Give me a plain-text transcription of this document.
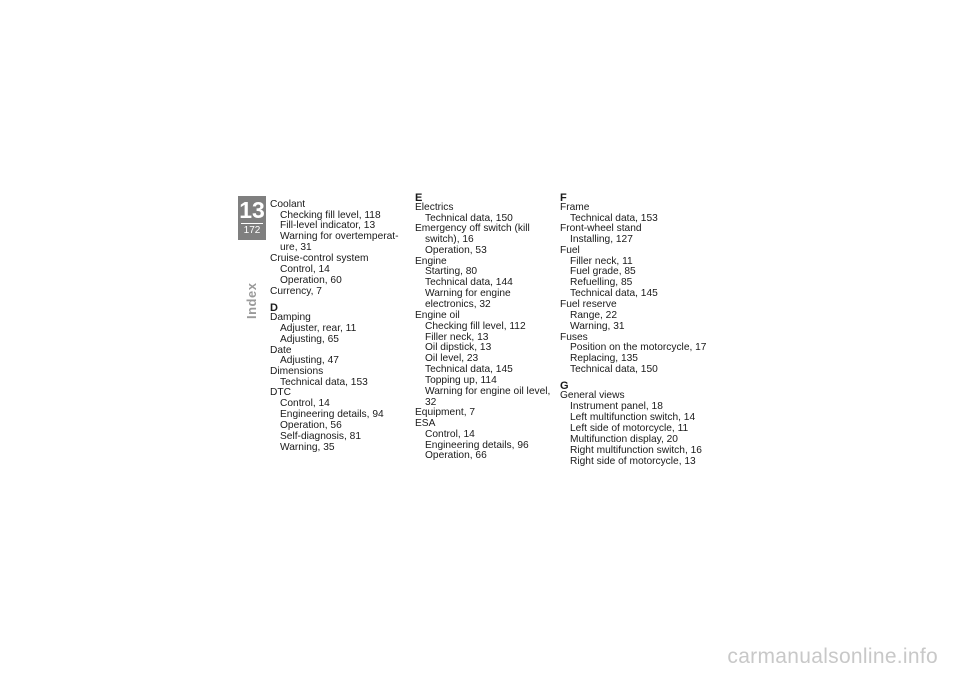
13
172
Index
Coolant
Checking fill level, 118
Fill-level indicator, 13
Warning for overtemperat-
ure, 31
Cruise-control system
Control, 14
Operation, 60
Currency, 7
D
Damping
Adjuster, rear, 11
Adjusting, 65
Date
Adjusting, 47
Dimensions
Technical data, 153
DTC
Control, 14
Engineering details, 94
Operation, 56
Self-diagnosis, 81
Warning, 35
E
Electrics
Technical data, 150
Emergency off switch (kill
switch), 16
Operation, 53
Engine
Starting, 80
Technical data, 144
Warning for engine
electronics, 32
Engine oil
Checking fill level, 112
Filler neck, 13
Oil dipstick, 13
Oil level, 23
Technical data, 145
Topping up, 114
Warning for engine oil level, 32
Equipment, 7
ESA
Control, 14
Engineering details, 96
Operation, 66
F
Frame
Technical data, 153
Front-wheel stand
Installing, 127
Fuel
Filler neck, 11
Fuel grade, 85
Refuelling, 85
Technical data, 145
Fuel reserve
Range, 22
Warning, 31
Fuses
Position on the motorcycle, 17
Replacing, 135
Technical data, 150
G
General views
Instrument panel, 18
Left multifunction switch, 14
Left side of motorcycle, 11
Multifunction display, 20
Right multifunction switch, 16
Right side of motorcycle, 13
carmanualsonline.info
